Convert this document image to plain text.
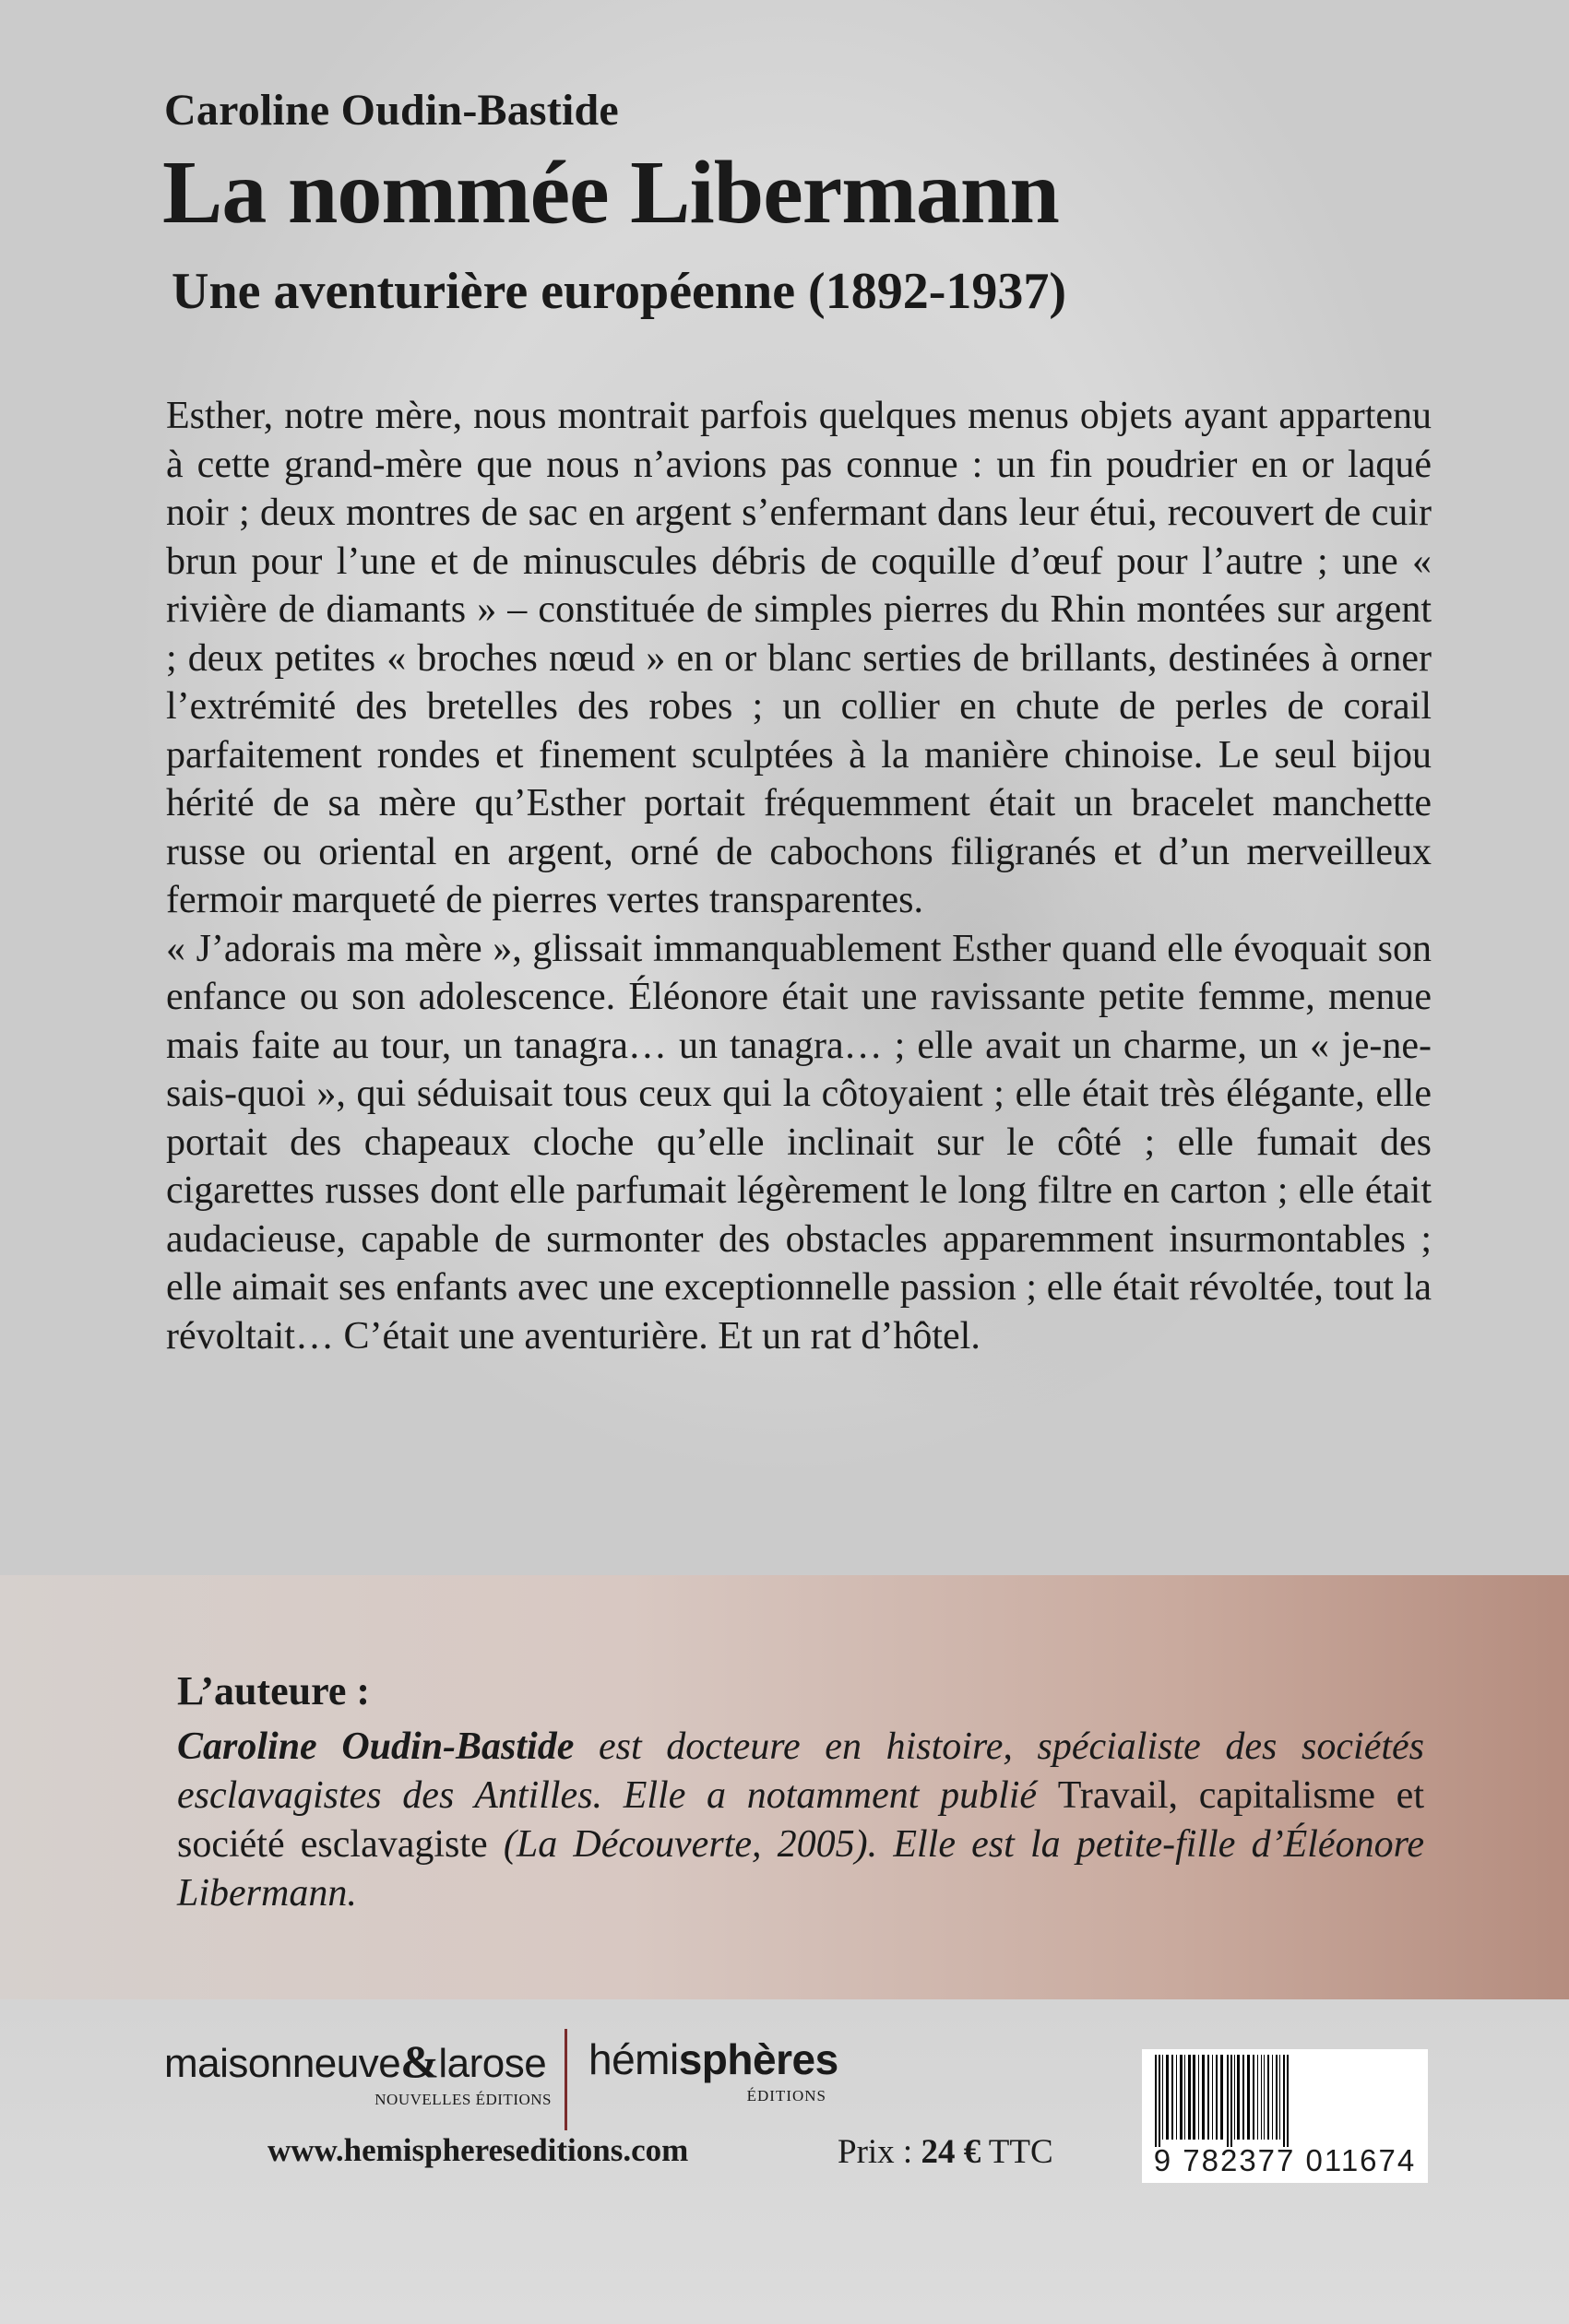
Caroline Oudin-Bastide
La nommée Libermann
Une aventurière européenne (1892-1937)

Esther, notre mère, nous montrait parfois quelques menus objets ayant appartenu à cette grand-mère que nous n’avions pas connue : un fin poudrier en or laqué noir ; deux montres de sac en argent s’enfermant dans leur étui, recouvert de cuir brun pour l’une et de minuscules débris de coquille d’œuf pour l’autre ; une « rivière de diamants » – constituée de simples pierres du Rhin montées sur argent ; deux petites « broches nœud » en or blanc serties de brillants, destinées à orner l’extrémité des bretelles des robes ; un collier en chute de perles de corail parfaitement rondes et finement sculptées à la manière chinoise. Le seul bijou hérité de sa mère qu’Esther portait fréquemment était un bracelet manchette russe ou oriental en argent, orné de cabochons filigranés et d’un merveilleux fermoir marqueté de pierres vertes transparentes.

« J’adorais ma mère », glissait immanquablement Esther quand elle évoquait son enfance ou son adolescence. Éléonore était une ravissante petite femme, menue mais faite au tour, un tanagra… un tanagra… ; elle avait un charme, un « je-ne-sais-quoi », qui séduisait tous ceux qui la côtoyaient ; elle était très élégante, elle portait des chapeaux cloche qu’elle inclinait sur le côté ; elle fumait des cigarettes russes dont elle parfumait légèrement le long filtre en carton ; elle était audacieuse, capable de surmonter des obstacles apparemment insurmontables ; elle aimait ses enfants avec une exceptionnelle passion ; elle était révoltée, tout la révoltait… C’était une aventurière. Et un rat d’hôtel.

L’auteure :

Caroline Oudin-Bastide est docteure en histoire, spécialiste des sociétés esclavagistes des Antilles. Elle a notamment publié Travail, capitalisme et société esclavagiste (La Découverte, 2005). Elle est la petite-fille d’Éléonore Libermann.

maisonneuve&larose
NOUVELLES ÉDITIONS
hémisphères
ÉDITIONS

www.hemisphereseditions.com	Prix : 24 € TTC	9 782377 011674
